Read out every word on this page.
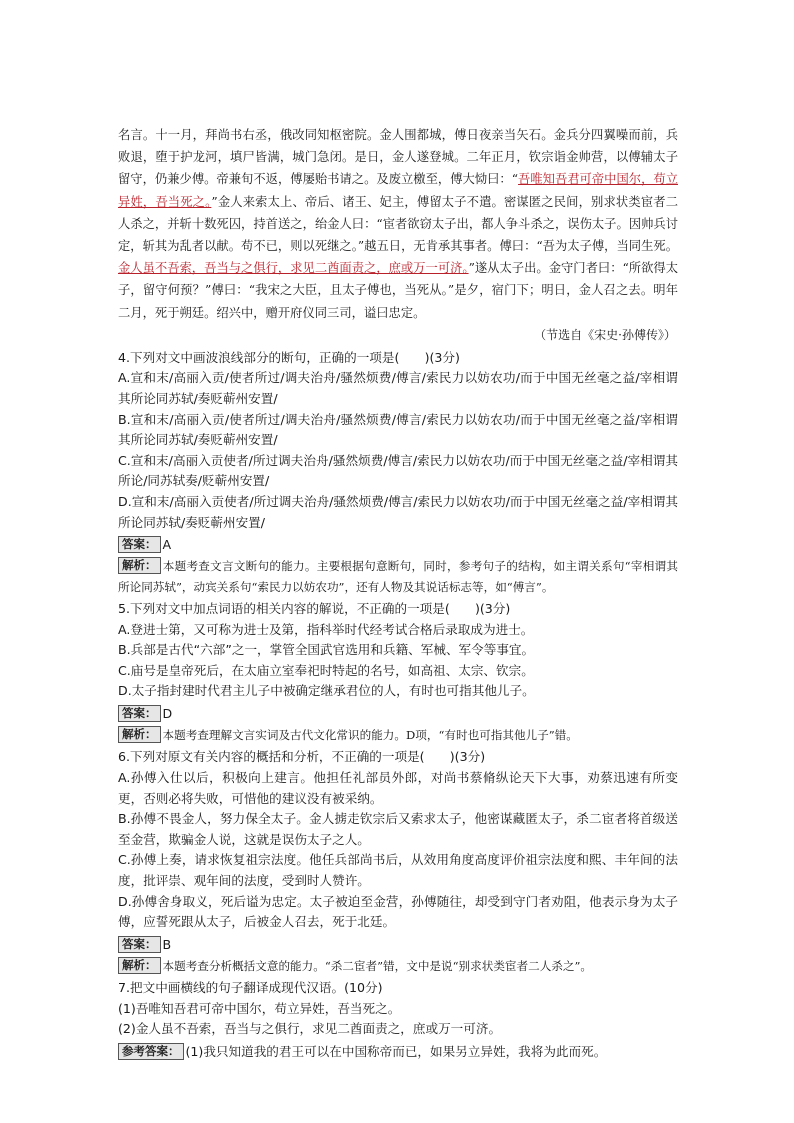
名言。十一月，拜尚书右丞，俄改同知枢密院。金人围都城，傅日夜亲当矢石。金兵分四翼噪而前，兵败退，堕于护龙河，填尸皆满，城门急闭。是日，金人遂登城。二年正月，钦宗诣金帅营，以傅辅太子留守，仍兼少傅。帝兼旬不返，傅屡贻书请之。及废立檄至，傅大恸曰：“吾唯知吾君可帝中国尔，苟立异姓，吾当死之。”金人来索太上、帝后、诸王、妃主，傅留太子不遣。密谋匿之民间，别求状类宦者二人杀之，并斩十数死囚，持首送之，绐金人曰：“宦者欲窃太子出，都人争斗杀之，误伤太子。因帅兵讨定，斩其为乱者以献。苟不已，则以死继之。”越五日，无肯承其事者。傅曰：“吾为太子傅，当同生死。金人虽不吾索，吾当与之俱行，求见二酋面责之，庶或万一可济。”遂从太子出。金守门者曰：“所欲得太子，留守何预？”傅曰：“我宋之大臣，且太子傅也，当死从。”是夕，宿门下；明日，金人召之去。明年二月，死于朔廷。绍兴中，赠开府仪同三司，谥曰忠定。

（节选自《宋史·孙傅传》）

4.下列对文中画波浪线部分的断句，正确的一项是(　　)(3分)

A.宣和末/高丽入贡/使者所过/调夫治舟/骚然烦费/傅言/索民力以妨农功/而于中国无丝毫之益/宰相谓其所论同苏轼/奏贬蕲州安置/

B.宣和末/高丽入贡/使者所过/调夫治舟/骚然烦费/傅言/索民力以妨农功/而于中国无丝毫之益/宰相谓其所论同苏轼/奏贬蕲州安置/

C.宣和末/高丽入贡使者/所过调夫治舟/骚然烦费/傅言/索民力以妨农功/而于中国无丝毫之益/宰相谓其所论/同苏轼奏/贬蕲州安置/

D.宣和末/高丽入贡使者/所过调夫治舟/骚然烦费/傅言/索民力以妨农功/而于中国无丝毫之益/宰相谓其所论同苏轼/奏贬蕲州安置/

答案： A

解析： 本题考查文言文断句的能力。主要根据句意断句，同时，参考句子的结构，如主谓关系句“宰相谓其所论同苏轼”，动宾关系句“索民力以妨农功”，还有人物及其说话标志等，如“傅言”。

5.下列对文中加点词语的相关内容的解说，不正确的一项是(　　)(3分)

A.登进士第，又可称为进士及第，指科举时代经考试合格后录取成为进士。

B.兵部是古代“六部”之一，掌管全国武官选用和兵籍、军械、军令等事宜。

C.庙号是皇帝死后，在太庙立室奉祀时特起的名号，如高祖、太宗、钦宗。

D.太子指封建时代君主儿子中被确定继承君位的人，有时也可指其他儿子。

答案： D

解析： 本题考查理解文言实词及古代文化常识的能力。D项，“有时也可指其他儿子”错。

6.下列对原文有关内容的概括和分析，不正确的一项是(　　)(3分)

A.孙傅入仕以后，积极向上建言。他担任礼部员外郎，对尚书蔡脩纵论天下大事，劝蔡迅速有所变更，否则必将失败，可惜他的建议没有被采纳。

B.孙傅不畏金人，努力保全太子。金人掳走钦宗后又索求太子，他密谋藏匿太子，杀二宦者将首级送至金营，欺骗金人说，这就是误伤太子之人。

C.孙傅上奏，请求恢复祖宗法度。他任兵部尚书后，从效用角度高度评价祖宗法度和熙、丰年间的法度，批评崇、观年间的法度，受到时人赞许。

D.孙傅舍身取义，死后谥为忠定。太子被迫至金营，孙傅随往，却受到守门者劝阻，他表示身为太子傅，应誓死跟从太子，后被金人召去，死于北廷。

答案： B

解析： 本题考查分析概括文意的能力。“杀二宦者”错，文中是说“别求状类宦者二人杀之”。

7.把文中画横线的句子翻译成现代汉语。(10分)

(1)吾唯知吾君可帝中国尔，苟立异姓，吾当死之。

(2)金人虽不吾索，吾当与之俱行，求见二酋面责之，庶或万一可济。

参考答案： (1)我只知道我的君王可以在中国称帝而已，如果另立异姓，我将为此而死。
